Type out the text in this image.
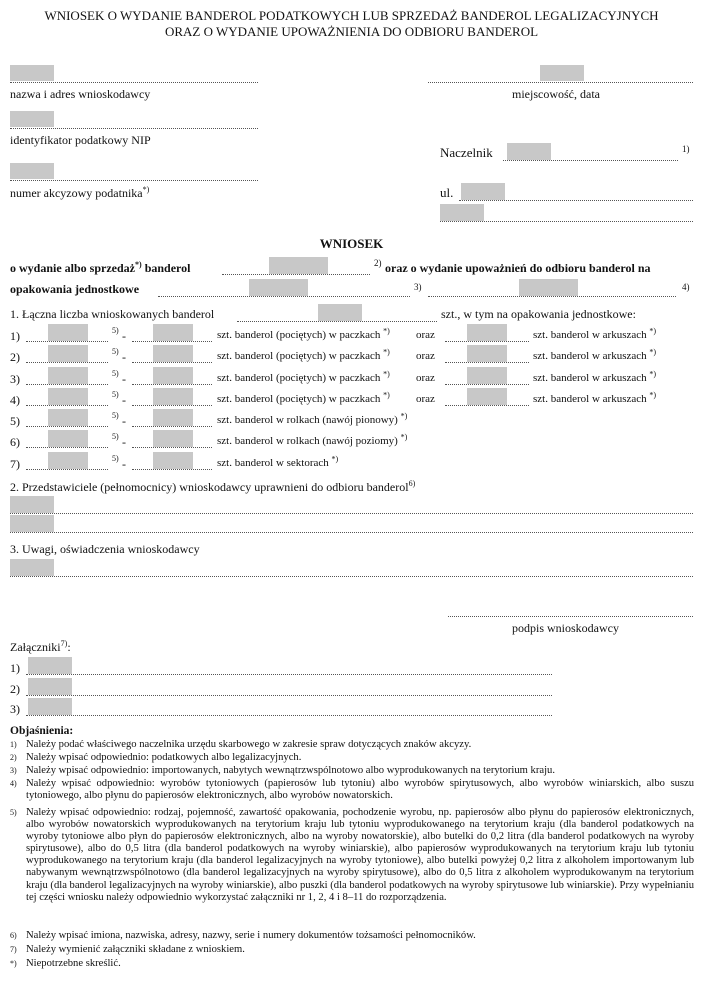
WNIOSEK O WYDANIE BANDEROL PODATKOWYCH LUB SPRZEDAŻ BANDEROL LEGALIZACYJNYCH
ORAZ O WYDANIE UPOWAŻNIENIA DO ODBIORU BANDEROL
nazwa i adres wnioskodawcy	miejscowość, data
identyfikator podatkowy NIP
numer akcyzowy podatnika*)
Naczelnik	1)
ul.
WNIOSEK
o wydanie albo sprzedaż*) banderol	2) oraz o wydanie upoważnień do odbioru banderol na
opakowania jednostkowe	3)	4)
1. Łączna liczba wnioskowanych banderol	szt., w tym na opakowania jednostkowe:
1)	5) -	szt. banderol (pociętych) w paczkach *) oraz	szt. banderol w arkuszach *)
2)	5) -	szt. banderol (pociętych) w paczkach *) oraz	szt. banderol w arkuszach *)
3)	5) -	szt. banderol (pociętych) w paczkach *) oraz	szt. banderol w arkuszach *)
4)	5) -	szt. banderol (pociętych) w paczkach *) oraz	szt. banderol w arkuszach *)
5)	5) -	szt. banderol w rolkach (nawój pionowy) *)
6)	5) -	szt. banderol w rolkach (nawój poziomy) *)
7)	5) -	szt. banderol w sektorach *)
2. Przedstawiciele (pełnomocnicy) wnioskodawcy uprawnieni do odbioru banderol$^{6)}$
3. Uwagi, oświadczenia wnioskodawcy
podpis wnioskodawcy
Załączniki$^{7)}$:
1)
2)
3)
Objaśnienia:
1) Należy podać właściwego naczelnika urzędu skarbowego w zakresie spraw dotyczących znaków akcyzy.
2) Należy wpisać odpowiednio: podatkowych albo legalizacyjnych.
3) Należy wpisać odpowiednio: importowanych, nabytych wewnątrzwspólnotowo albo wyprodukowanych na terytorium kraju.
4) Należy wpisać odpowiednio: wyrobów tytoniowych (papierosów lub tytoniu) albo wyrobów spirytusowych, albo wyrobów winiarskich, albo suszu tytoniowego, albo płynu do papierosów elektronicznych, albo wyrobów nowatorskich.
5) Należy wpisać odpowiednio: rodzaj, pojemność, zawartość opakowania, pochodzenie wyrobu, np. papierosów albo płynu do papierosów elektronicznych, albo wyrobów nowatorskich wyprodukowanych na terytorium kraju lub tytoniu wyprodukowanego na terytorium kraju (dla banderol podatkowych na wyroby tytoniowe albo płyn do papierosów elektronicznych, albo na wyroby nowatorskie), albo butelki do 0,2 litra (dla banderol podatkowych na wyroby spirytusowe), albo do 0,5 litra (dla banderol podatkowych na wyroby winiarskie), albo papierosów wyprodukowanych na terytorium kraju lub tytoniu wyprodukowanego na terytorium kraju (dla banderol legalizacyjnych na wyroby tytoniowe), albo butelki powyżej 0,2 litra z alkoholem importowanym lub nabywanym wewnątrzwspólnotowo (dla banderol legalizacyjnych na wyroby spirytusowe), albo do 0,5 litra z alkoholem wyprodukowanym na terytorium kraju (dla banderol legalizacyjnych na wyroby winiarskie), albo puszki (dla banderol podatkowych na wyroby spirytusowe lub winiarskie). Przy wypełnianiu tej części wniosku należy odpowiednio wykorzystać załączniki nr 1, 2, 4 i 8–11 do rozporządzenia.
6) Należy wpisać imiona, nazwiska, adresy, nazwy, serie i numery dokumentów tożsamości pełnomocników.
7) Należy wymienić załączniki składane z wnioskiem.
*) Niepotrzebne skreślić.
